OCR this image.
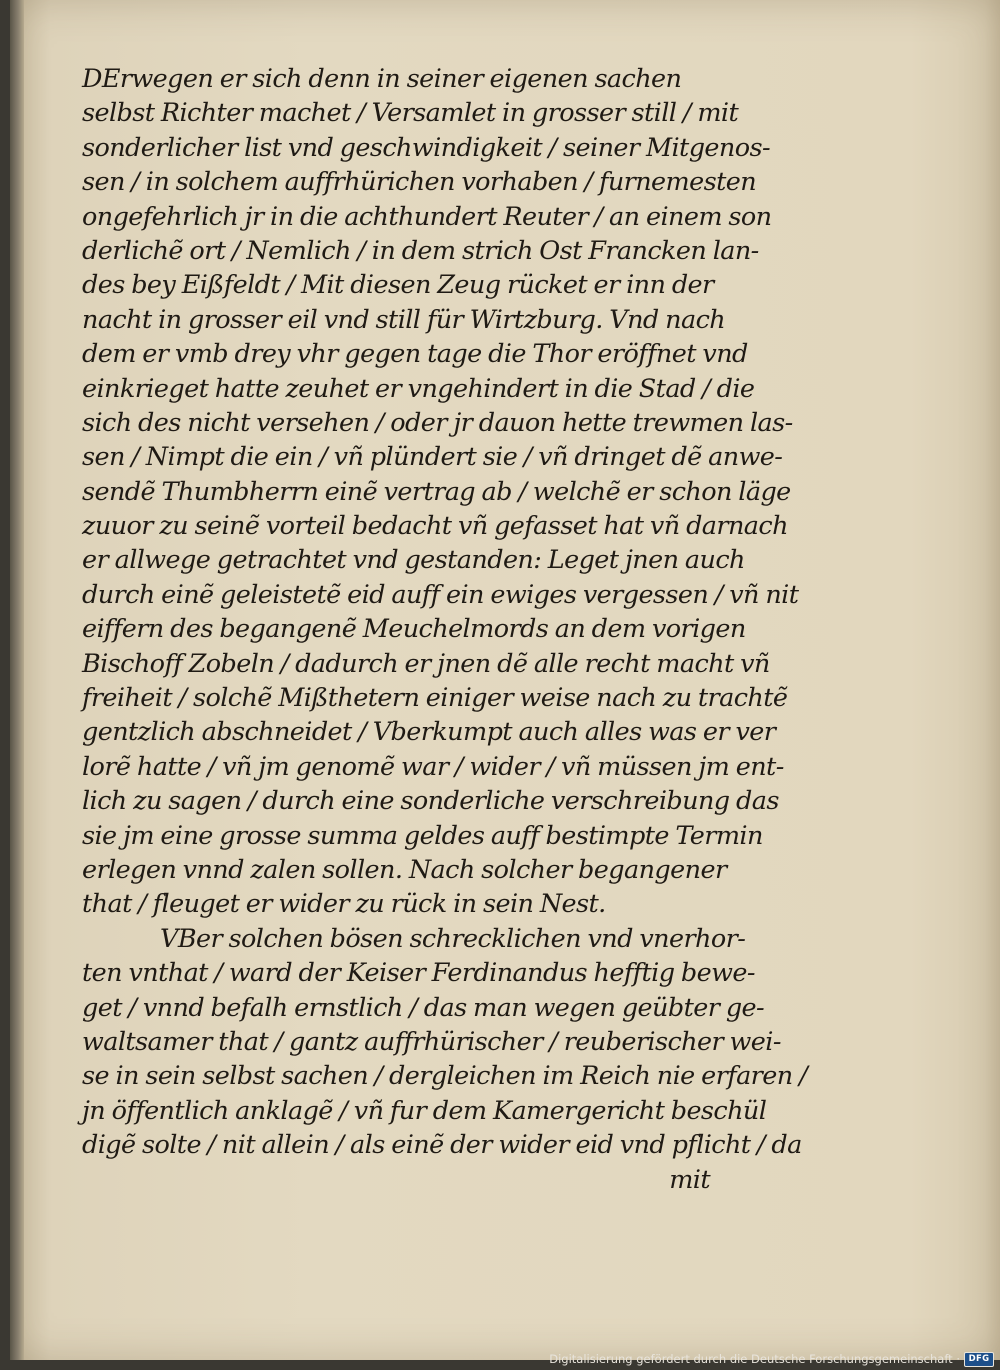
DErwegen er sich denn in seiner eigenen sachen
selbst Richter machet / Versamlet in grosser still / mit
sonderlicher list vnd geschwindigkeit / seiner Mitgenos-
sen / in solchem auffrhürichen vorhaben / furnemesten
ongefehrlich jr in die achthundert Reuter / an einem son
derlichẽ ort / Nemlich / in dem strich Ost Francken lan-
des bey Eißfeldt / Mit diesen Zeug rücket er inn der
nacht in grosser eil vnd still für Wirtzburg. Vnd nach
dem er vmb drey vhr gegen tage die Thor eröffnet vnd
einkrieget hatte zeuhet er vngehindert in die Stad / die
sich des nicht versehen / oder jr dauon hette trewmen las-
sen / Nimpt die ein / vñ plündert sie / vñ dringet dẽ anwe-
sendẽ Thumbherrn einẽ vertrag ab / welchẽ er schon läge
zuuor zu seinẽ vorteil bedacht vñ gefasset hat vñ darnach
er allwege getrachtet vnd gestanden: Leget jnen auch
durch einẽ geleistetẽ eid auff ein ewiges vergessen / vñ nit
eiffern des begangenẽ Meuchelmords an dem vorigen
Bischoff Zobeln / dadurch er jnen dẽ alle recht macht vñ
freiheit / solchẽ Mißthetern einiger weise nach zu trachtẽ
gentzlich abschneidet / Vberkumpt auch alles was er ver
lorẽ hatte / vñ jm genomẽ war / wider / vñ müssen jm ent-
lich zu sagen / durch eine sonderliche verschreibung das
sie jm eine grosse summa geldes auff bestimpte Termin
erlegen vnnd zalen sollen. Nach solcher begangener
that / fleuget er wider zu rück in sein Nest.
VBer solchen bösen schrecklichen vnd vnerhor-
ten vnthat / ward der Keiser Ferdinandus hefftig bewe-
get / vnnd befalh ernstlich / das man wegen geübter ge-
waltsamer that / gantz auffrhürischer / reuberischer wei-
se in sein selbst sachen / dergleichen im Reich nie erfaren /
jn öffentlich anklagẽ / vñ fur dem Kamergericht beschül
digẽ solte / nit allein / als einẽ der wider eid vnd pflicht / da
mit
Digitalisierung gefördert durch die Deutsche Forschungsgemeinschaft ·	DFG
